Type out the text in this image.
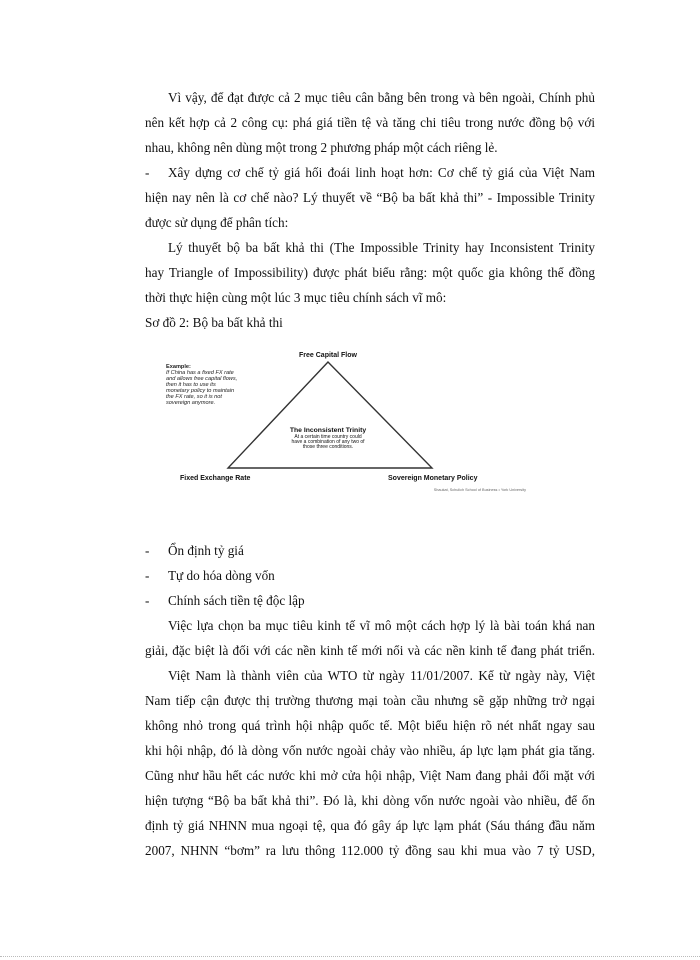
Vì vậy, để đạt được cả 2 mục tiêu cân bằng bên trong và bên ngoài, Chính phủ
nên kết hợp cả 2 công cụ: phá giá tiền tệ và tăng chi tiêu trong nước đồng bộ với
nhau, không nên dùng một trong 2 phương pháp một cách riêng lẻ.
- Xây dựng cơ chế tỷ giá hối đoái linh hoạt hơn: Cơ chế tỷ giá của Việt Nam
hiện nay nên là cơ chế nào? Lý thuyết về “Bộ ba bất khả thi” - Impossible Trinity
được sử dụng để phân tích:
Lý thuyết bộ ba bất khả thi (The Impossible Trinity hay Inconsistent Trinity
hay Triangle of Impossibility) được phát biểu rằng: một quốc gia không thể đồng
thời thực hiện cùng một lúc 3 mục tiêu chính sách vĩ mô:
Sơ đồ 2: Bộ ba bất khả thi
Free Capital Flow
Fixed Exchange Rate	Sovereign Monetary Policy
Example:
If China has a fixed FX rate
and allows free capital flows,
then it has to use its
monetary policy to maintain
the FX rate, so it is not
sovereign anymore.
The Inconsistent Trinity
At a certain time country could
have a combination of any two of
those three conditions.
Shaukat, Schulich School of Business • York University
- Ổn định tỷ giá
- Tự do hóa dòng vốn
- Chính sách tiền tệ độc lập
Việc lựa chọn ba mục tiêu kinh tế vĩ mô một cách hợp lý là bài toán khá nan
giải, đặc biệt là đối với các nền kinh tế mới nổi và các nền kinh tế đang phát triển.
Việt Nam là thành viên của WTO từ ngày 11/01/2007. Kể từ ngày này, Việt
Nam tiếp cận được thị trường thương mại toàn cầu nhưng sẽ gặp những trở ngại
không nhỏ trong quá trình hội nhập quốc tế. Một biểu hiện rõ nét nhất ngay sau
khi hội nhập, đó là dòng vốn nước ngoài chảy vào nhiều, áp lực lạm phát gia tăng.
Cũng như hầu hết các nước khi mở cửa hội nhập, Việt Nam đang phải đối mặt với
hiện tượng “Bộ ba bất khả thi”. Đó là, khi dòng vốn nước ngoài vào nhiều, để ổn
định tỷ giá NHNN mua ngoại tệ, qua đó gây áp lực lạm phát (Sáu tháng đầu năm
2007, NHNN “bơm” ra lưu thông 112.000 tỷ đồng sau khi mua vào 7 tỷ USD,
